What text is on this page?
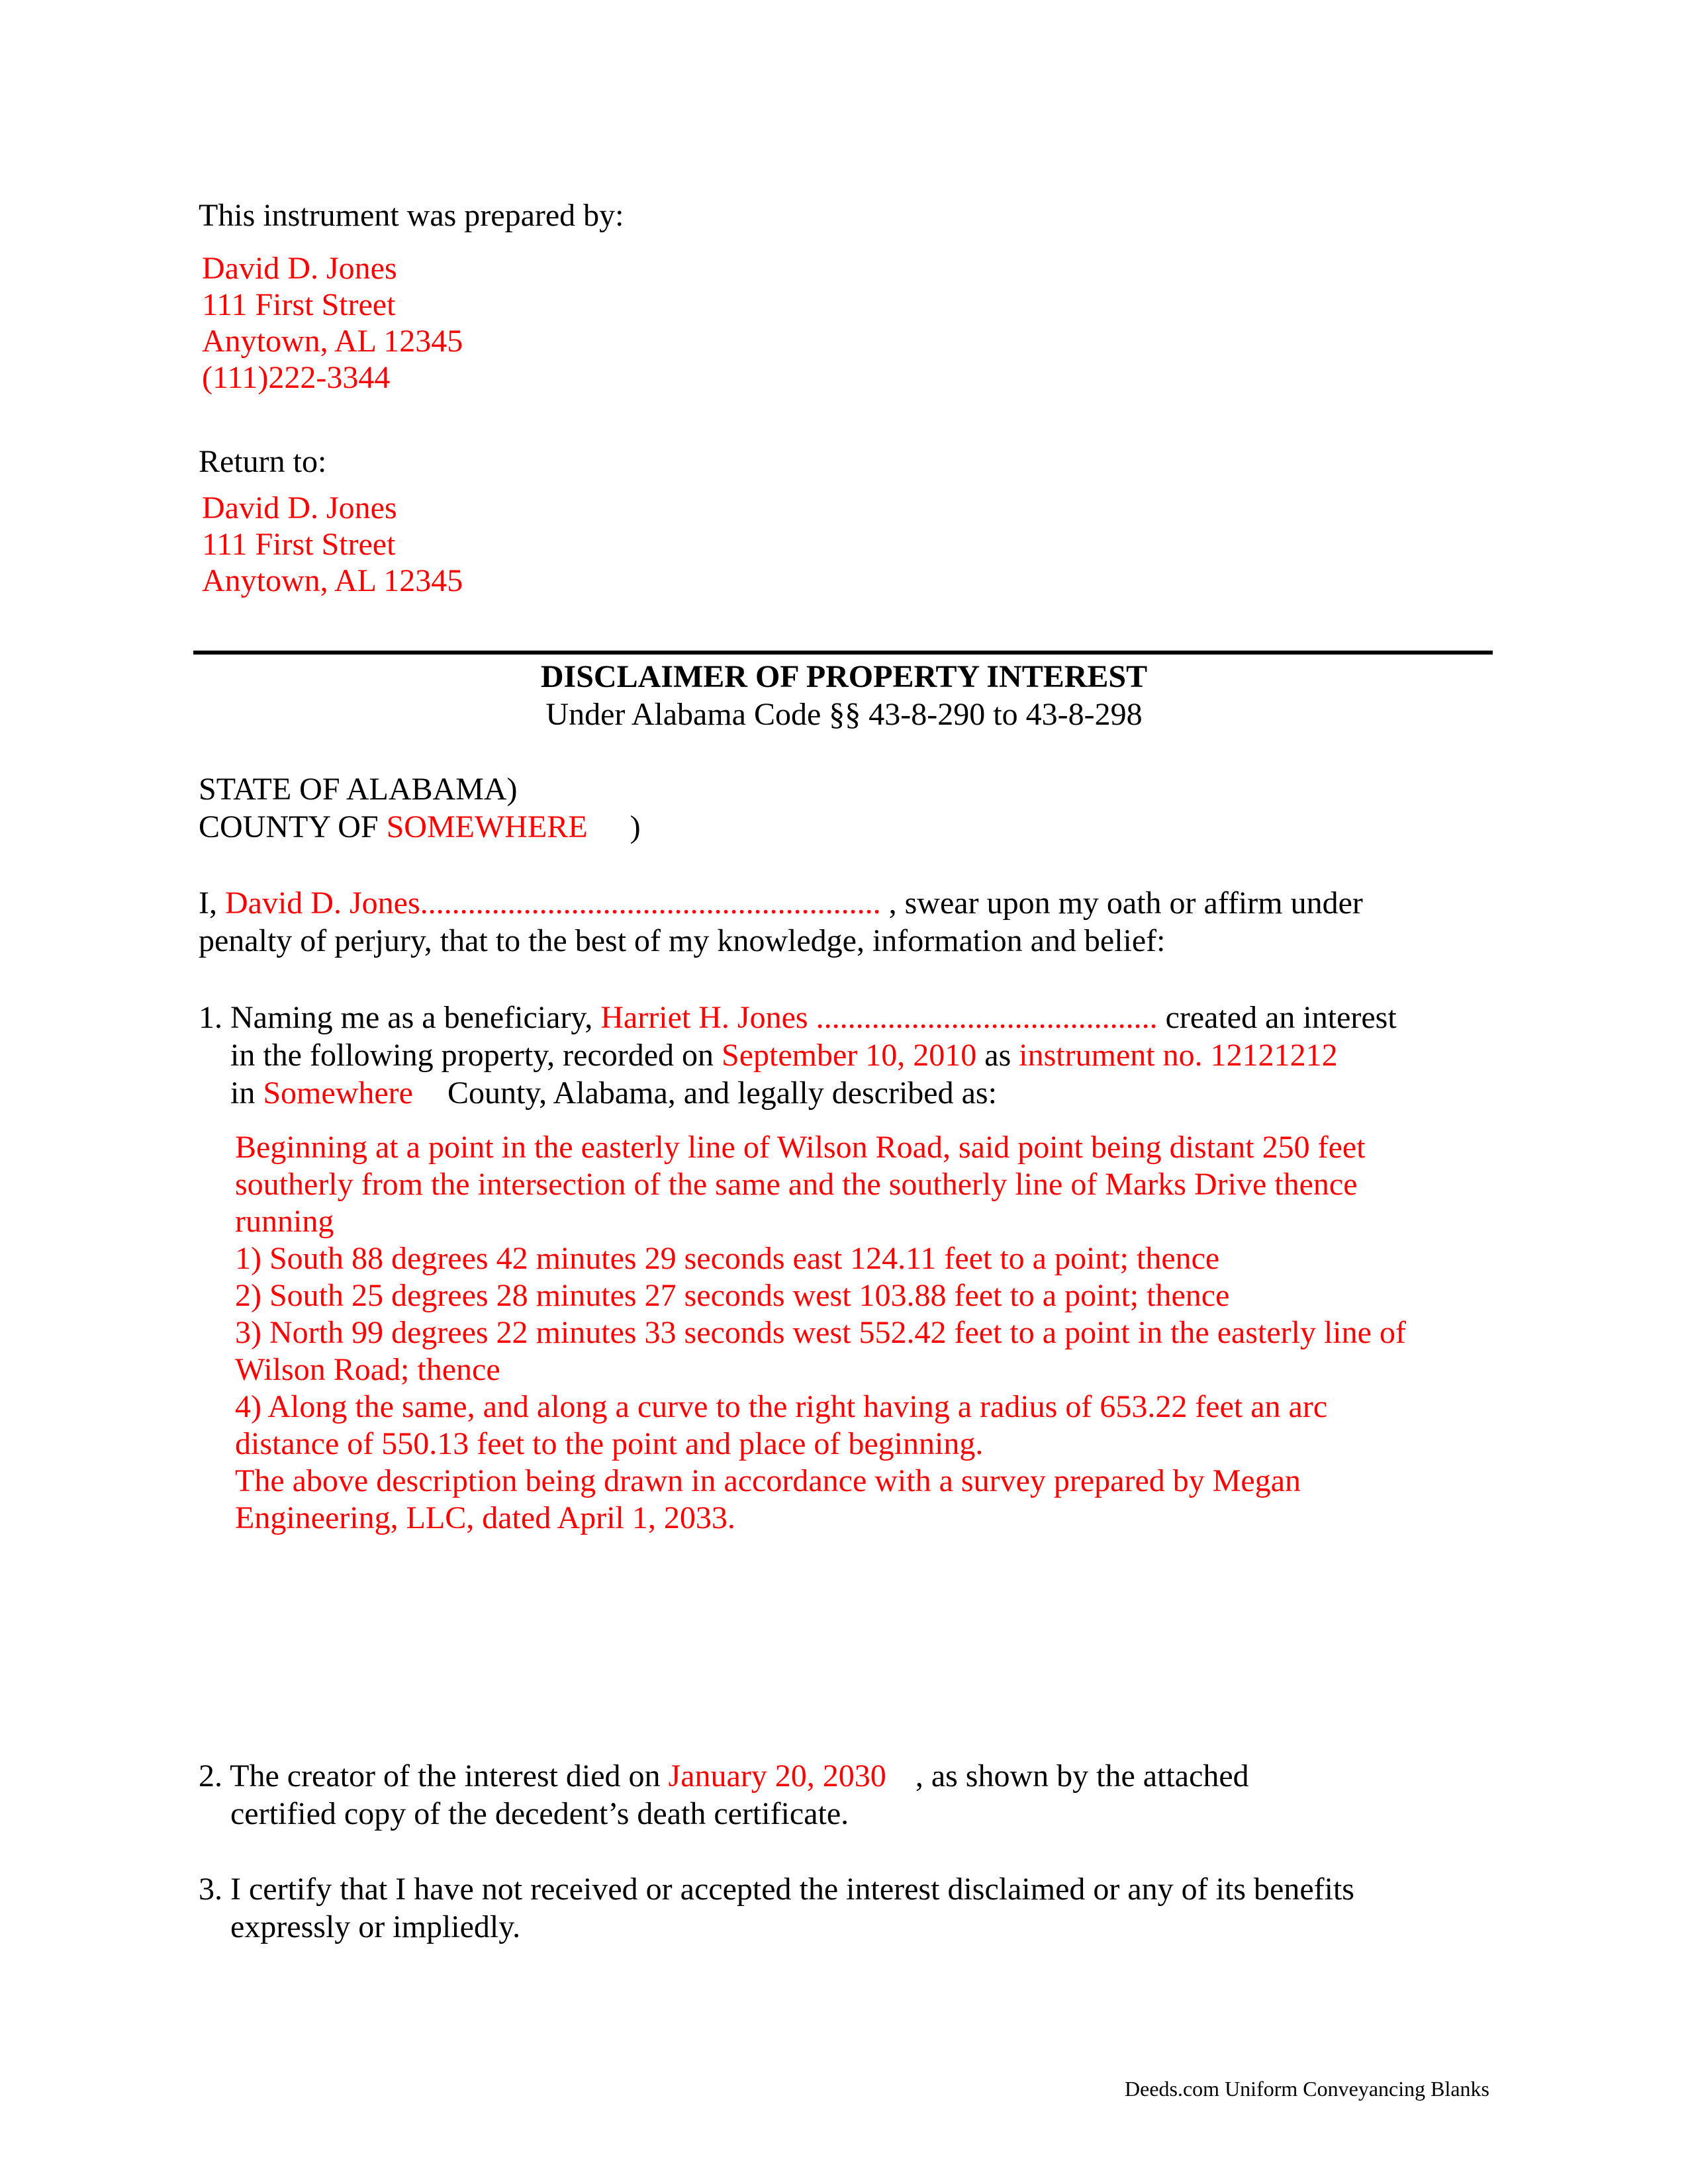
This instrument was prepared by:
David D. Jones
111 First Street
Anytown, AL 12345
(111)222-3344
Return to:
David D. Jones
111 First Street
Anytown, AL 12345
DISCLAIMER OF PROPERTY INTEREST
Under Alabama Code §§ 43-8-290 to 43-8-298
STATE OF ALABAMA)
COUNTY OF SOMEWHERE )
I, David D. Jones.......................................................... , swear upon my oath or affirm under
penalty of perjury, that to the best of my knowledge, information and belief:
1. Naming me as a beneficiary, Harriet H. Jones ........................................... created an interest
in the following property, recorded on September 10, 2010 as instrument no. 12121212
in Somewhere County, Alabama, and legally described as:
Beginning at a point in the easterly line of Wilson Road, said point being distant 250 feet
southerly from the intersection of the same and the southerly line of Marks Drive thence
running
1) South 88 degrees 42 minutes 29 seconds east 124.11 feet to a point; thence
2) South 25 degrees 28 minutes 27 seconds west 103.88 feet to a point; thence
3) North 99 degrees 22 minutes 33 seconds west 552.42 feet to a point in the easterly line of
Wilson Road; thence
4) Along the same, and along a curve to the right having a radius of 653.22 feet an arc
distance of 550.13 feet to the point and place of beginning.
The above description being drawn in accordance with a survey prepared by Megan
Engineering, LLC, dated April 1, 2033.
2. The creator of the interest died on January 20, 2030 , as shown by the attached
certified copy of the decedent’s death certificate.
3. I certify that I have not received or accepted the interest disclaimed or any of its benefits
expressly or impliedly.
Deeds.com Uniform Conveyancing Blanks
